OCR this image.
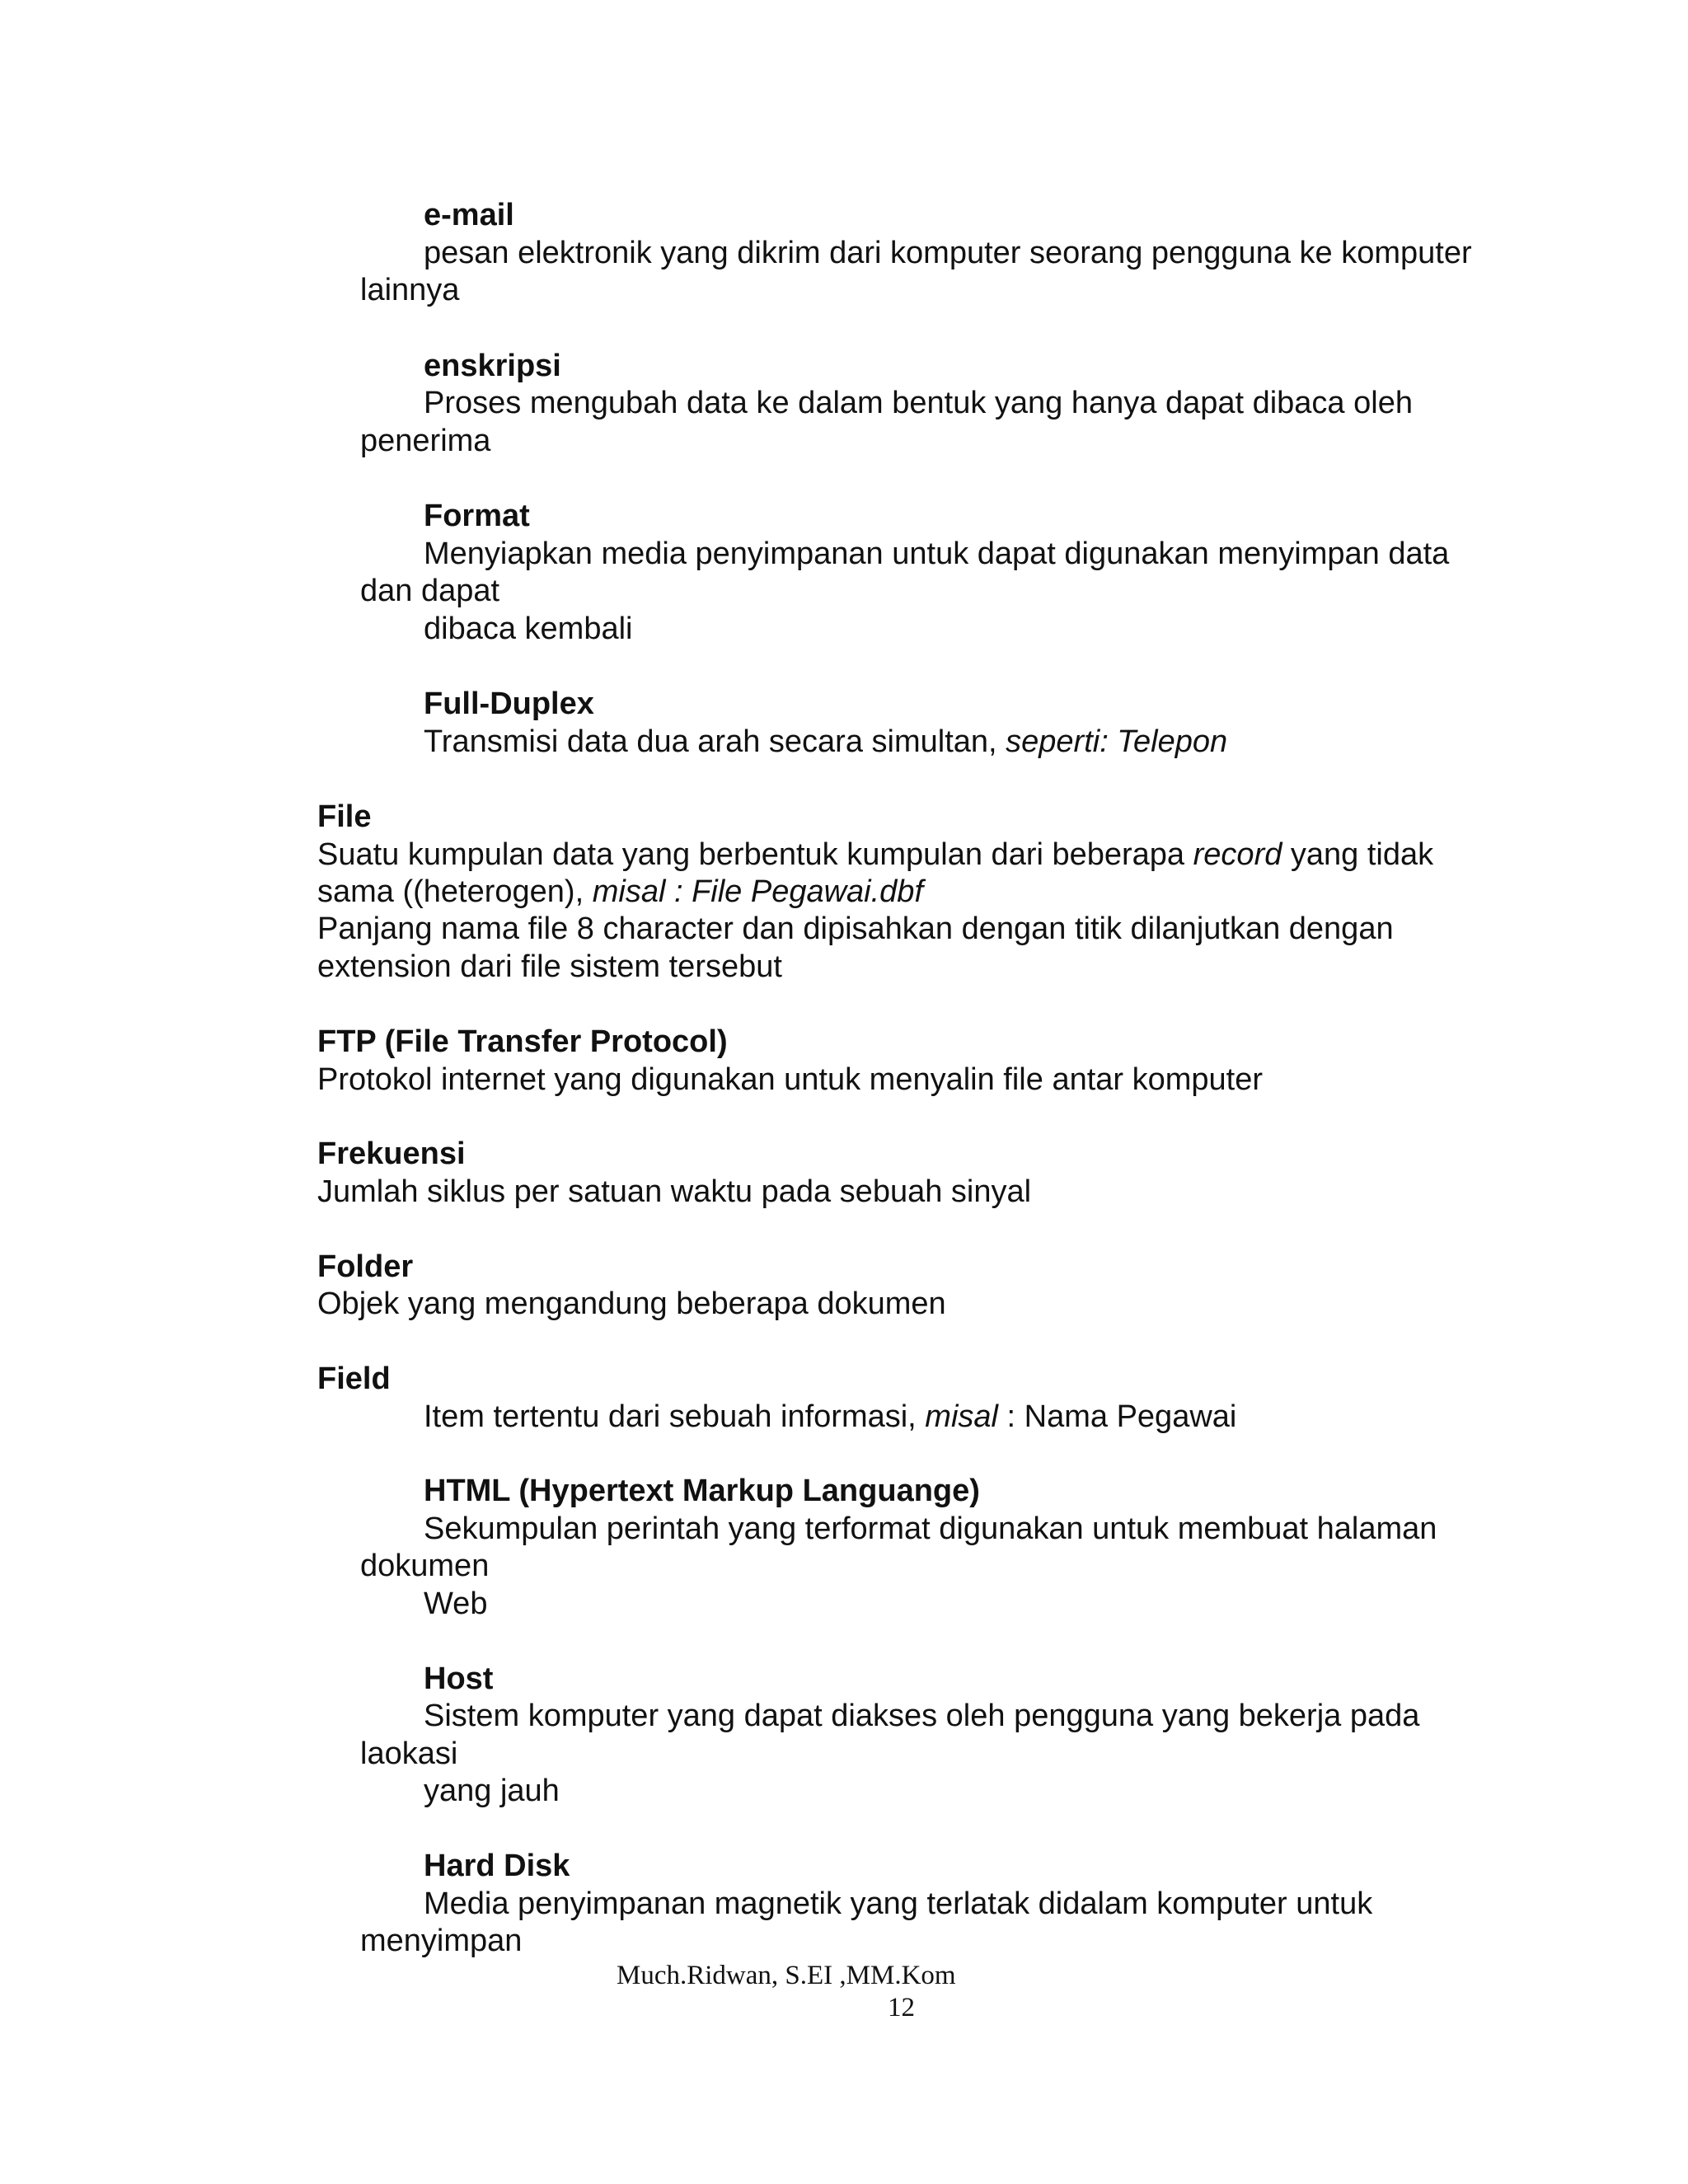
e-mail
pesan elektronik yang dikrim dari komputer seorang pengguna ke komputer
lainnya
enskripsi
Proses mengubah data ke dalam bentuk yang hanya dapat dibaca oleh
penerima
Format
Menyiapkan media penyimpanan untuk dapat digunakan menyimpan data
dan dapat
dibaca kembali
Full-Duplex
Transmisi data dua arah secara simultan, seperti: Telepon
File
Suatu kumpulan data yang berbentuk kumpulan dari beberapa record yang tidak
sama ((heterogen), misal : File Pegawai.dbf
Panjang nama file 8 character dan dipisahkan dengan titik dilanjutkan dengan
extension dari file sistem tersebut
FTP (File Transfer Protocol)
Protokol internet yang digunakan untuk menyalin file antar komputer
Frekuensi
Jumlah siklus per satuan waktu pada sebuah sinyal
Folder
Objek yang mengandung beberapa dokumen
Field
Item tertentu dari sebuah informasi, misal : Nama Pegawai
HTML (Hypertext Markup Languange)
Sekumpulan perintah yang terformat digunakan untuk membuat halaman
dokumen
Web
Host
Sistem komputer yang dapat diakses oleh pengguna yang bekerja pada
laokasi
yang jauh
Hard Disk
Media penyimpanan magnetik yang terlatak didalam komputer untuk
menyimpan
Much.Ridwan, S.EI ,MM.Kom
12
